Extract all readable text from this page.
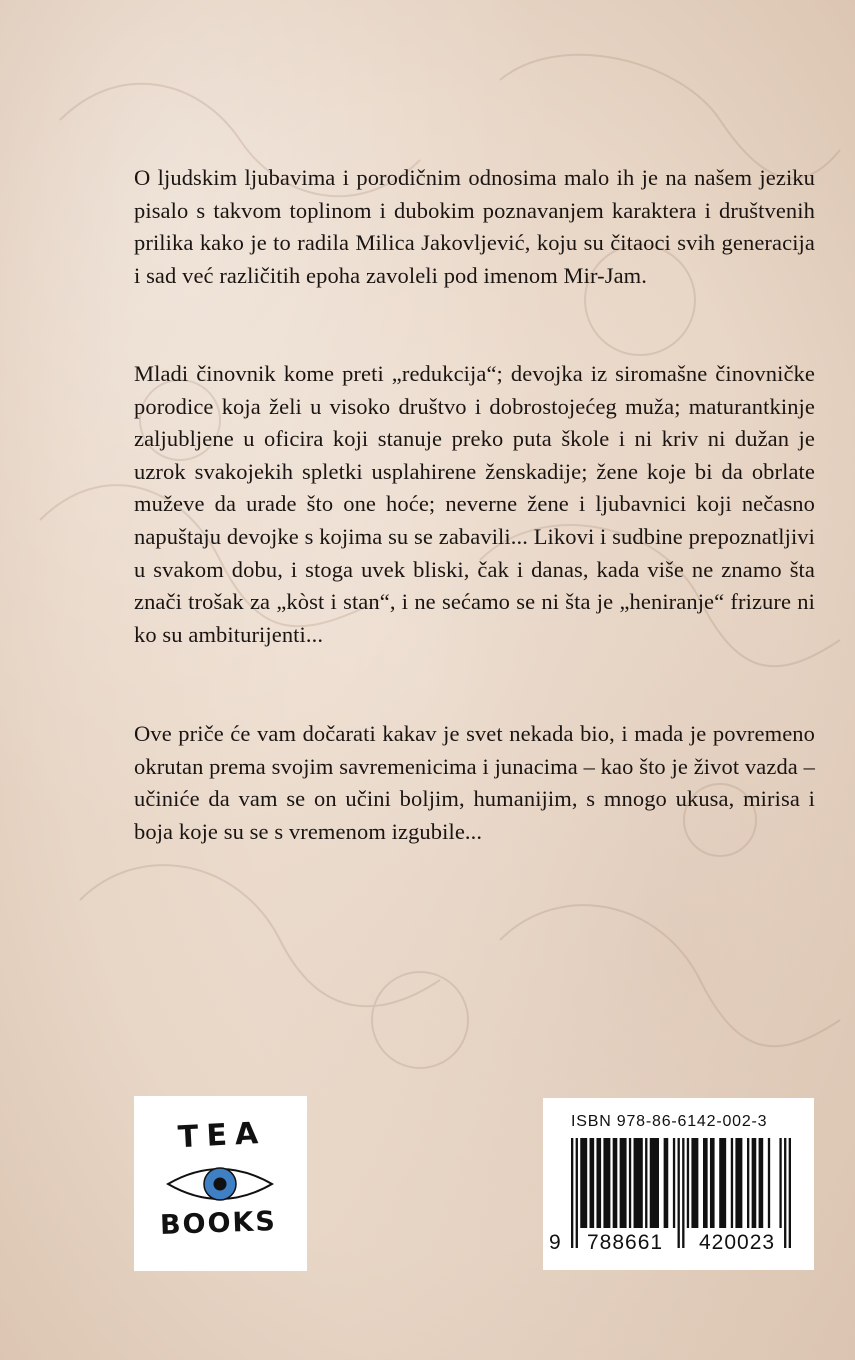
O ljudskim ljubavima i porodičnim odnosima malo ih je na našem jeziku pisalo s takvom toplinom i dubokim poznavanjem karaktera i društvenih prilika kako je to radila Milica Jakovljević, koju su čitaoci svih generacija i sad već različitih epoha zavoleli pod imenom Mir-Jam.

Mladi činovnik kome preti „redukcija“; devojka iz siromašne činovničke porodice koja želi u visoko društvo i dobrostojećeg muža; maturantkinje zaljubljene u oficira koji stanuje preko puta škole i ni kriv ni dužan je uzrok svakojekih spletki usplahirene ženskadije; žene koje bi da obrlate muževe da urade što one hoće; neverne žene i ljubavnici koji nečasno napuštaju devojke s kojima su se zabavili... Likovi i sudbine prepoznatljivi u svakom dobu, i stoga uvek bliski, čak i danas, kada više ne znamo šta znači trošak za „kòst i stan“, i ne sećamo se ni šta je „heniranje“ frizure ni ko su ambiturijenti...

Ove priče će vam dočarati kakav je svet nekada bio, i mada je povremeno okrutan prema svojim savremenicima i junacima – kao što je život vazda – učiniće da vam se on učini boljim, humanijim, s mnogo ukusa, mirisa i boja koje su se s vremenom izgubile...

TEA
BOOKS
ISBN 978-86-6142-002-3
9 788661 420023
